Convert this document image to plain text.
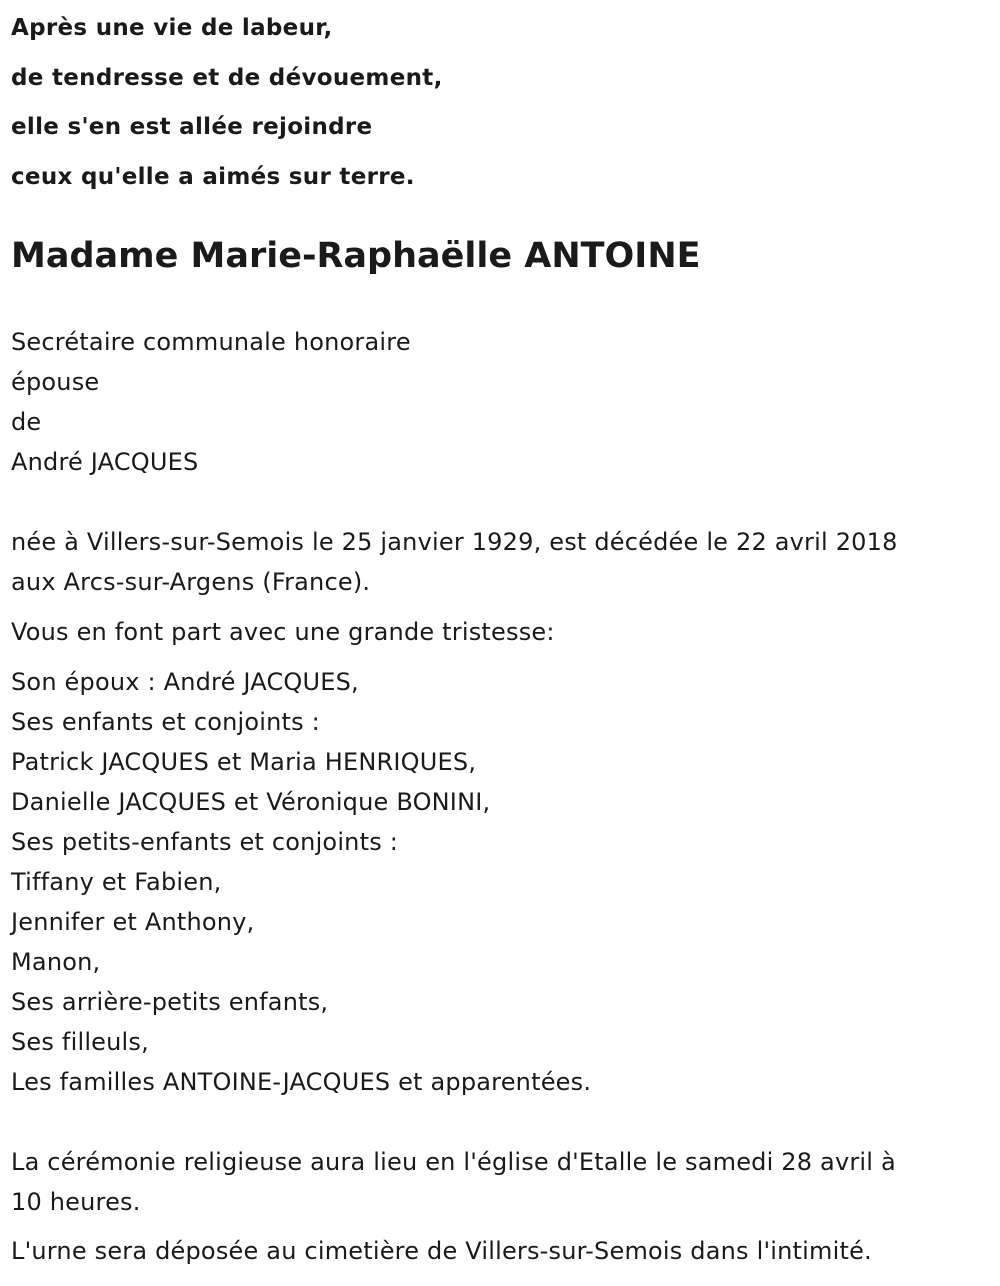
Après une vie de labeur,
de tendresse et de dévouement,
elle s'en est allée rejoindre
ceux qu'elle a aimés sur terre.
Madame Marie-Raphaëlle ANTOINE
Secrétaire communale honoraire
épouse
de
André JACQUES
née à Villers-sur-Semois le 25 janvier 1929, est décédée le 22 avril 2018
aux Arcs-sur-Argens (France).
Vous en font part avec une grande tristesse:
Son époux : André JACQUES,
Ses enfants et conjoints :
Patrick JACQUES et Maria HENRIQUES,
Danielle JACQUES et Véronique BONINI,
Ses petits-enfants et conjoints :
Tiffany et Fabien,
Jennifer et Anthony,
Manon,
Ses arrière-petits enfants,
Ses filleuls,
Les familles ANTOINE-JACQUES et apparentées.
La cérémonie religieuse aura lieu en l'église d'Etalle le samedi 28 avril à
10 heures.
L'urne sera déposée au cimetière de Villers-sur-Semois dans l'intimité.
